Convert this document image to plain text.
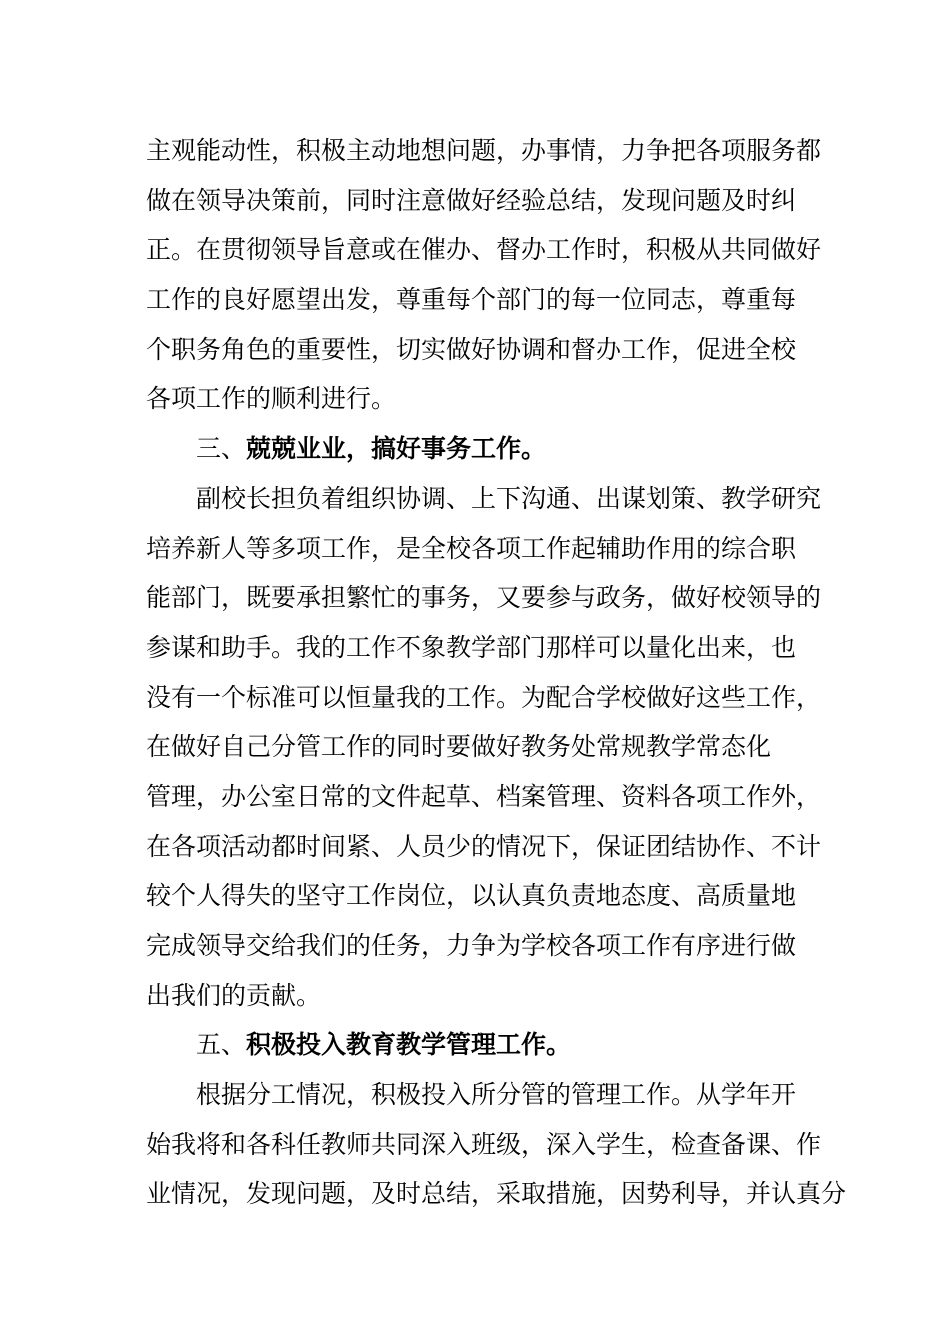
主观能动性，积极主动地想问题，办事情，力争把各项服务都
做在领导决策前，同时注意做好经验总结，发现问题及时纠
正。在贯彻领导旨意或在催办、督办工作时，积极从共同做好
工作的良好愿望出发，尊重每个部门的每一位同志，尊重每
个职务角色的重要性，切实做好协调和督办工作，促进全校
各项工作的顺利进行。
三、兢兢业业，搞好事务工作。
副校长担负着组织协调、上下沟通、出谋划策、教学研究
培养新人等多项工作，是全校各项工作起辅助作用的综合职
能部门，既要承担繁忙的事务，又要参与政务，做好校领导的
参谋和助手。我的工作不象教学部门那样可以量化出来，也
没有一个标准可以恒量我的工作。为配合学校做好这些工作，
在做好自己分管工作的同时要做好教务处常规教学常态化
管理，办公室日常的文件起草、档案管理、资料各项工作外，
在各项活动都时间紧、人员少的情况下，保证团结协作、不计
较个人得失的坚守工作岗位，以认真负责地态度、高质量地
完成领导交给我们的任务，力争为学校各项工作有序进行做
出我们的贡献。
五、积极投入教育教学管理工作。
根据分工情况，积极投入所分管的管理工作。从学年开
始我将和各科任教师共同深入班级，深入学生，检查备课、作
业情况，发现问题，及时总结，采取措施，因势利导，并认真分
